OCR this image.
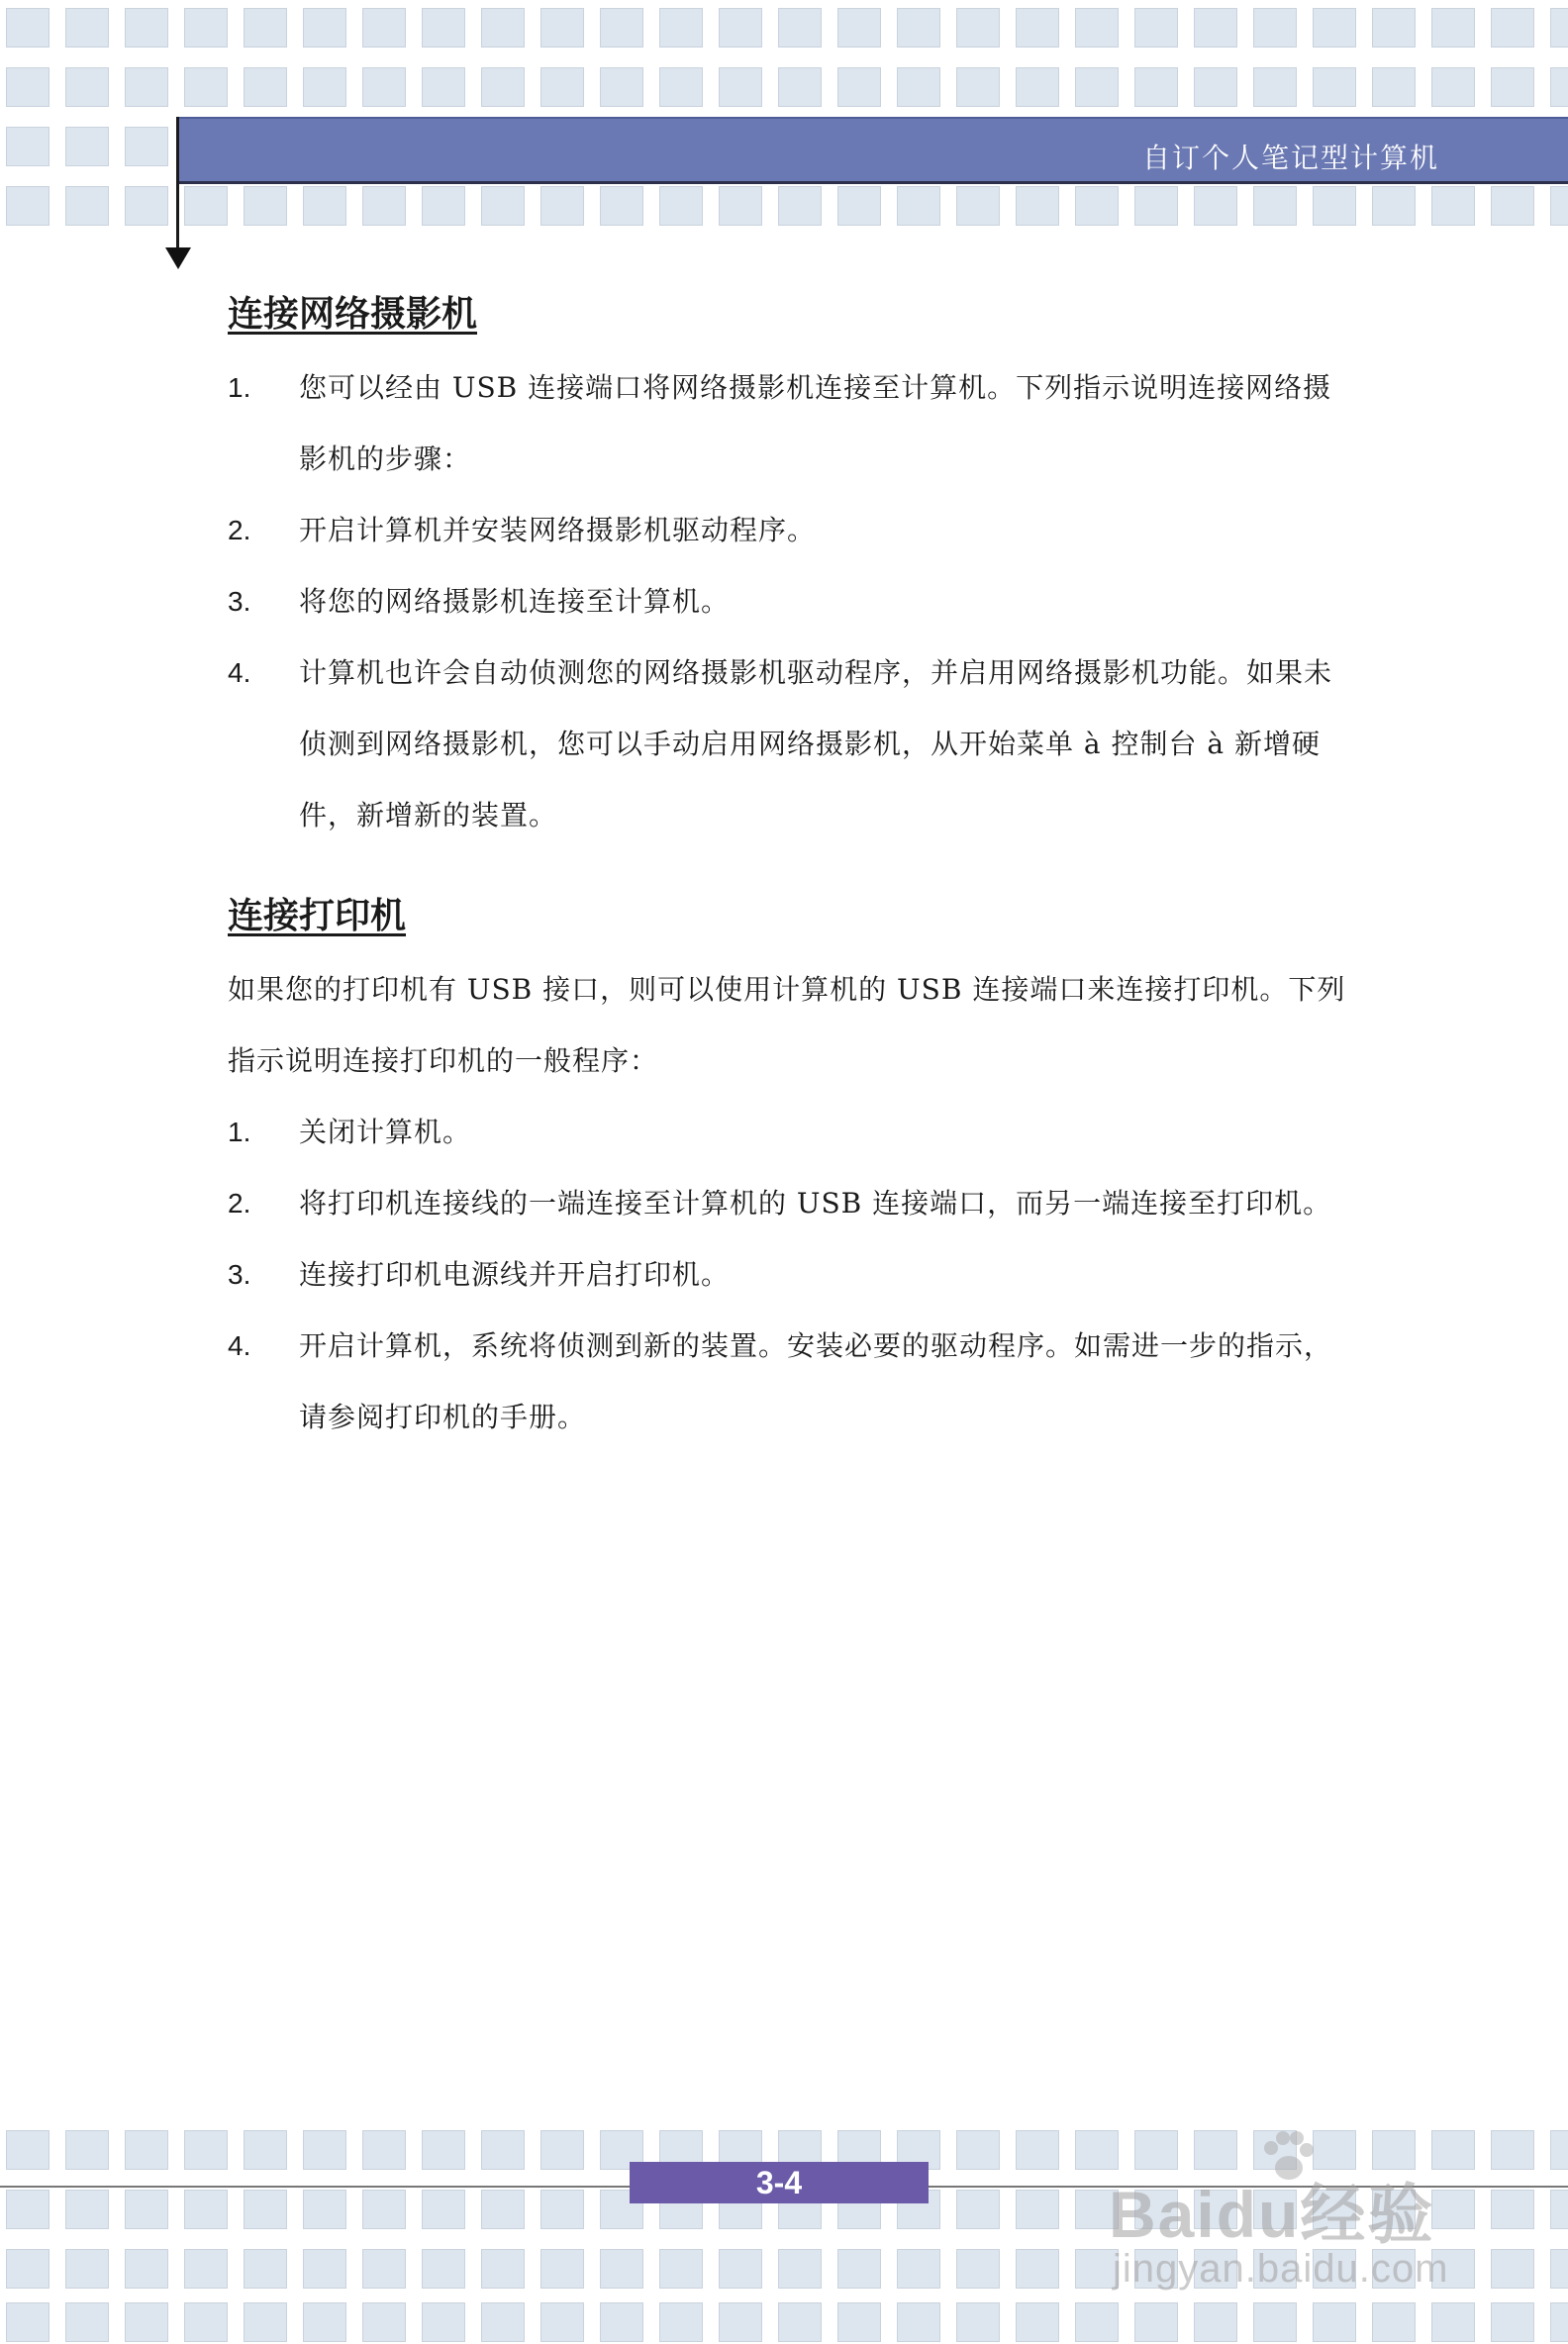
自订个人笔记型计算机
连接网络摄影机
1.	您可以经由 USB 连接端口将网络摄影机连接至计算机。下列指示说明连接网络摄影机的步骤：
2.	开启计算机并安装网络摄影机驱动程序。
3.	将您的网络摄影机连接至计算机。
4.	计算机也许会自动侦测您的网络摄影机驱动程序，并启用网络摄影机功能。如果未侦测到网络摄影机，您可以手动启用网络摄影机，从开始菜单 à 控制台 à 新增硬件，新增新的装置。
连接打印机

如果您的打印机有 USB 接口，则可以使用计算机的 USB 连接端口来连接打印机。下列指示说明连接打印机的一般程序：

1.	关闭计算机。
2.	将打印机连接线的一端连接至计算机的 USB 连接端口，而另一端连接至打印机。
3.	连接打印机电源线并开启打印机。
4.	开启计算机，系统将侦测到新的装置。安装必要的驱动程序。如需进一步的指示，请参阅打印机的手册。
3-4	Baidu经验
jingyan.baidu.com
